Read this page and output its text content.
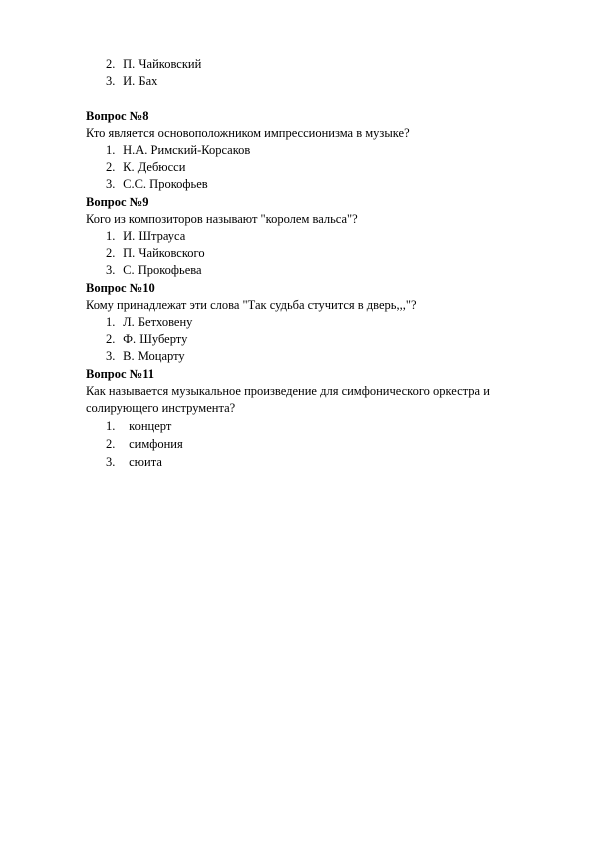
2. П. Чайковский
3. И. Бах
Вопрос №8
Кто является основоположником импрессионизма в музыке?
1. Н.А. Римский-Корсаков
2. К. Дебюсси
3. С.С. Прокофьев
Вопрос №9
Кого из композиторов называют "королем вальса"?
1. И. Штрауса
2. П. Чайковского
3. С. Прокофьева
Вопрос №10
Кому принадлежат эти слова "Так судьба стучится в дверь,,,"?
1. Л. Бетховену
2. Ф. Шуберту
3. В. Моцарту
Вопрос №11
Как называется музыкальное произведение для симфонического оркестра и солирующего инструмента?
1. концерт
2. симфония
3. сюита
